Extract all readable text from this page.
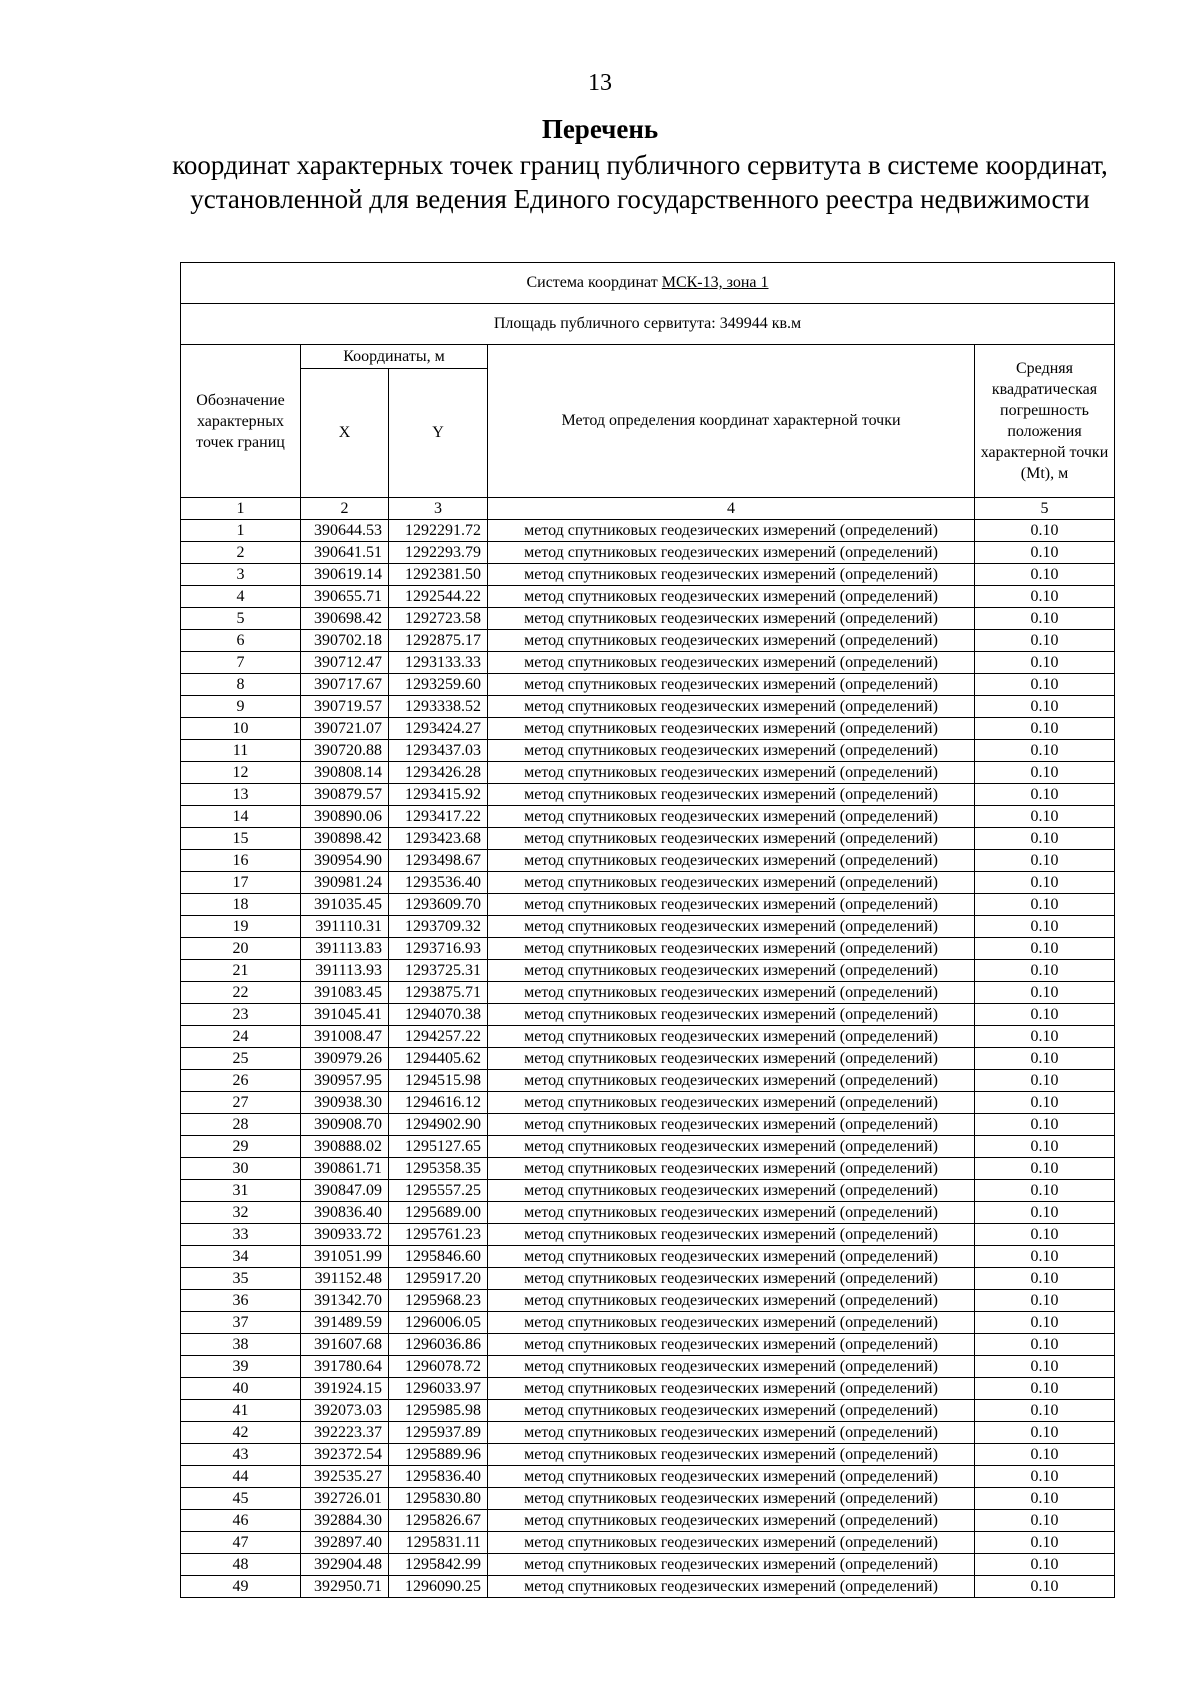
13
Перечень
координат характерных точек границ публичного сервитута в системе координат, установленной для ведения Единого государственного реестра недвижимости
Система координат МСК-13, зона 1				
Площадь публичного сервитута: 349944 кв.м				
Обозначение характерных точек границ	Координаты, м		Метод определения координат характерной точки	Средняя квадратическая погрешность положения характерной точки (Мt), м
	X	Y		
1	2	3	4	5
1	390644.53	1292291.72	метод спутниковых геодезических измерений (определений)	0.10
2	390641.51	1292293.79	метод спутниковых геодезических измерений (определений)	0.10
3	390619.14	1292381.50	метод спутниковых геодезических измерений (определений)	0.10
4	390655.71	1292544.22	метод спутниковых геодезических измерений (определений)	0.10
5	390698.42	1292723.58	метод спутниковых геодезических измерений (определений)	0.10
6	390702.18	1292875.17	метод спутниковых геодезических измерений (определений)	0.10
7	390712.47	1293133.33	метод спутниковых геодезических измерений (определений)	0.10
8	390717.67	1293259.60	метод спутниковых геодезических измерений (определений)	0.10
9	390719.57	1293338.52	метод спутниковых геодезических измерений (определений)	0.10
10	390721.07	1293424.27	метод спутниковых геодезических измерений (определений)	0.10
11	390720.88	1293437.03	метод спутниковых геодезических измерений (определений)	0.10
12	390808.14	1293426.28	метод спутниковых геодезических измерений (определений)	0.10
13	390879.57	1293415.92	метод спутниковых геодезических измерений (определений)	0.10
14	390890.06	1293417.22	метод спутниковых геодезических измерений (определений)	0.10
15	390898.42	1293423.68	метод спутниковых геодезических измерений (определений)	0.10
16	390954.90	1293498.67	метод спутниковых геодезических измерений (определений)	0.10
17	390981.24	1293536.40	метод спутниковых геодезических измерений (определений)	0.10
18	391035.45	1293609.70	метод спутниковых геодезических измерений (определений)	0.10
19	391110.31	1293709.32	метод спутниковых геодезических измерений (определений)	0.10
20	391113.83	1293716.93	метод спутниковых геодезических измерений (определений)	0.10
21	391113.93	1293725.31	метод спутниковых геодезических измерений (определений)	0.10
22	391083.45	1293875.71	метод спутниковых геодезических измерений (определений)	0.10
23	391045.41	1294070.38	метод спутниковых геодезических измерений (определений)	0.10
24	391008.47	1294257.22	метод спутниковых геодезических измерений (определений)	0.10
25	390979.26	1294405.62	метод спутниковых геодезических измерений (определений)	0.10
26	390957.95	1294515.98	метод спутниковых геодезических измерений (определений)	0.10
27	390938.30	1294616.12	метод спутниковых геодезических измерений (определений)	0.10
28	390908.70	1294902.90	метод спутниковых геодезических измерений (определений)	0.10
29	390888.02	1295127.65	метод спутниковых геодезических измерений (определений)	0.10
30	390861.71	1295358.35	метод спутниковых геодезических измерений (определений)	0.10
31	390847.09	1295557.25	метод спутниковых геодезических измерений (определений)	0.10
32	390836.40	1295689.00	метод спутниковых геодезических измерений (определений)	0.10
33	390933.72	1295761.23	метод спутниковых геодезических измерений (определений)	0.10
34	391051.99	1295846.60	метод спутниковых геодезических измерений (определений)	0.10
35	391152.48	1295917.20	метод спутниковых геодезических измерений (определений)	0.10
36	391342.70	1295968.23	метод спутниковых геодезических измерений (определений)	0.10
37	391489.59	1296006.05	метод спутниковых геодезических измерений (определений)	0.10
38	391607.68	1296036.86	метод спутниковых геодезических измерений (определений)	0.10
39	391780.64	1296078.72	метод спутниковых геодезических измерений (определений)	0.10
40	391924.15	1296033.97	метод спутниковых геодезических измерений (определений)	0.10
41	392073.03	1295985.98	метод спутниковых геодезических измерений (определений)	0.10
42	392223.37	1295937.89	метод спутниковых геодезических измерений (определений)	0.10
43	392372.54	1295889.96	метод спутниковых геодезических измерений (определений)	0.10
44	392535.27	1295836.40	метод спутниковых геодезических измерений (определений)	0.10
45	392726.01	1295830.80	метод спутниковых геодезических измерений (определений)	0.10
46	392884.30	1295826.67	метод спутниковых геодезических измерений (определений)	0.10
47	392897.40	1295831.11	метод спутниковых геодезических измерений (определений)	0.10
48	392904.48	1295842.99	метод спутниковых геодезических измерений (определений)	0.10
49	392950.71	1296090.25	метод спутниковых геодезических измерений (определений)	0.10
